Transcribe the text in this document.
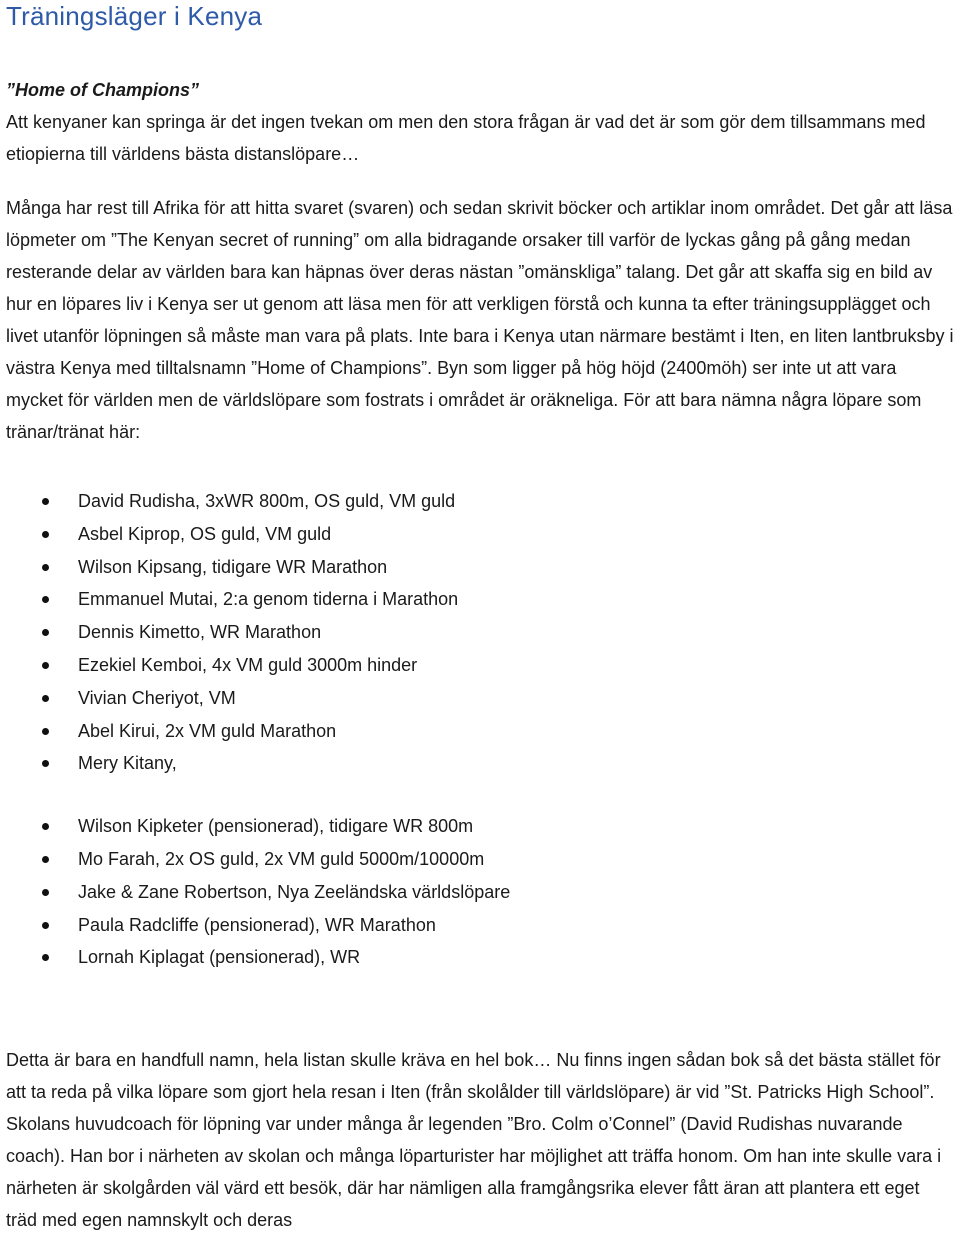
Träningsläger i Kenya
”Home of Champions”

Att kenyaner kan springa är det ingen tvekan om men den stora frågan är vad det är som gör dem tillsammans med etiopierna till världens bästa distanslöpare…

Många har rest till Afrika för att hitta svaret (svaren) och sedan skrivit böcker och artiklar inom området. Det går att läsa löpmeter om ”The Kenyan secret of running” om alla bidragande orsaker till varför de lyckas gång på gång medan resterande delar av världen bara kan häpnas över deras nästan ”omänskliga” talang. Det går att skaffa sig en bild av hur en löpares liv i Kenya ser ut genom att läsa men för att verkligen förstå och kunna ta efter träningsupplägget och livet utanför löpningen så måste man vara på plats. Inte bara i Kenya utan närmare bestämt i Iten, en liten lantbruksby i västra Kenya med tilltalsnamn ”Home of Champions”. Byn som ligger på hög höjd (2400möh) ser inte ut att vara mycket för världen men de världslöpare som fostrats i området är oräkneliga. För att bara nämna några löpare som tränar/tränat här:

David Rudisha, 3xWR 800m, OS guld, VM guld
Asbel Kiprop, OS guld, VM guld
Wilson Kipsang, tidigare WR Marathon
Emmanuel Mutai, 2:a genom tiderna i Marathon
Dennis Kimetto, WR Marathon
Ezekiel Kemboi, 4x VM guld 3000m hinder
Vivian Cheriyot, VM
Abel Kirui, 2x VM guld Marathon
Mery Kitany,
Wilson Kipketer (pensionerad), tidigare WR 800m
Mo Farah, 2x OS guld, 2x VM guld 5000m/10000m
Jake & Zane Robertson, Nya Zeeländska världslöpare
Paula Radcliffe (pensionerad), WR Marathon
Lornah Kiplagat (pensionerad), WR

Detta är bara en handfull namn, hela listan skulle kräva en hel bok… Nu finns ingen sådan bok så det bästa stället för att ta reda på vilka löpare som gjort hela resan i Iten (från skolålder till världslöpare) är vid ”St. Patricks High School”. Skolans huvudcoach för löpning var under många år legenden ”Bro. Colm o’Connel” (David Rudishas nuvarande coach). Han bor i närheten av skolan och många löparturister har möjlighet att träffa honom. Om han inte skulle vara i närheten är skolgården väl värd ett besök, där har nämligen alla framgångsrika elever fått äran att plantera ett eget träd med egen namnskylt och deras
